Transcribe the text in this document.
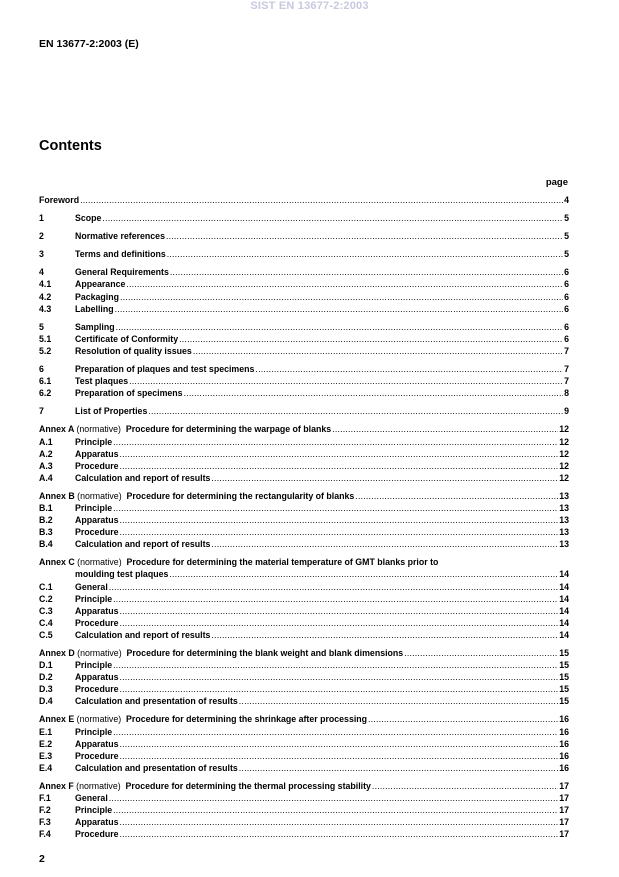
SIST EN 13677-2:2003
EN 13677-2:2003 (E)
Contents
page
Foreword .....	4
1	Scope .....	5
2	Normative references .....	5
3	Terms and definitions .....	5
4	General Requirements .....	6
4.1	Appearance .....	6
4.2	Packaging .....	6
4.3	Labelling .....	6
5	Sampling .....	6
5.1	Certificate of Conformity .....	6
5.2	Resolution of quality issues .....	7
6	Preparation of plaques and test specimens .....	7
6.1	Test plaques .....	7
6.2	Preparation of specimens .....	8
7	List of Properties .....	9
Annex A (normative) Procedure for determining the warpage of blanks .....	12
A.1	Principle .....	12
A.2	Apparatus .....	12
A.3	Procedure .....	12
A.4	Calculation and report of results .....	12
Annex B (normative) Procedure for determining the rectangularity of blanks .....	13
B.1	Principle .....	13
B.2	Apparatus .....	13
B.3	Procedure .....	13
B.4	Calculation and report of results .....	13
Annex C (normative) Procedure for determining the material temperature of GMT blanks prior to
moulding test plaques .....	14
C.1	General .....	14
C.2	Principle .....	14
C.3	Apparatus .....	14
C.4	Procedure .....	14
C.5	Calculation and report of results .....	14
Annex D (normative) Procedure for determining the blank weight and blank dimensions .....	15
D.1	Principle .....	15
D.2	Apparatus .....	15
D.3	Procedure .....	15
D.4	Calculation and presentation of results .....	15
Annex E (normative) Procedure for determining the shrinkage after processing .....	16
E.1	Principle .....	16
E.2	Apparatus .....	16
E.3	Procedure .....	16
E.4	Calculation and presentation of results .....	16
Annex F (normative) Procedure for determining the thermal processing stability .....	17
F.1	General .....	17
F.2	Principle .....	17
F.3	Apparatus .....	17
F.4	Procedure .....	17
2
